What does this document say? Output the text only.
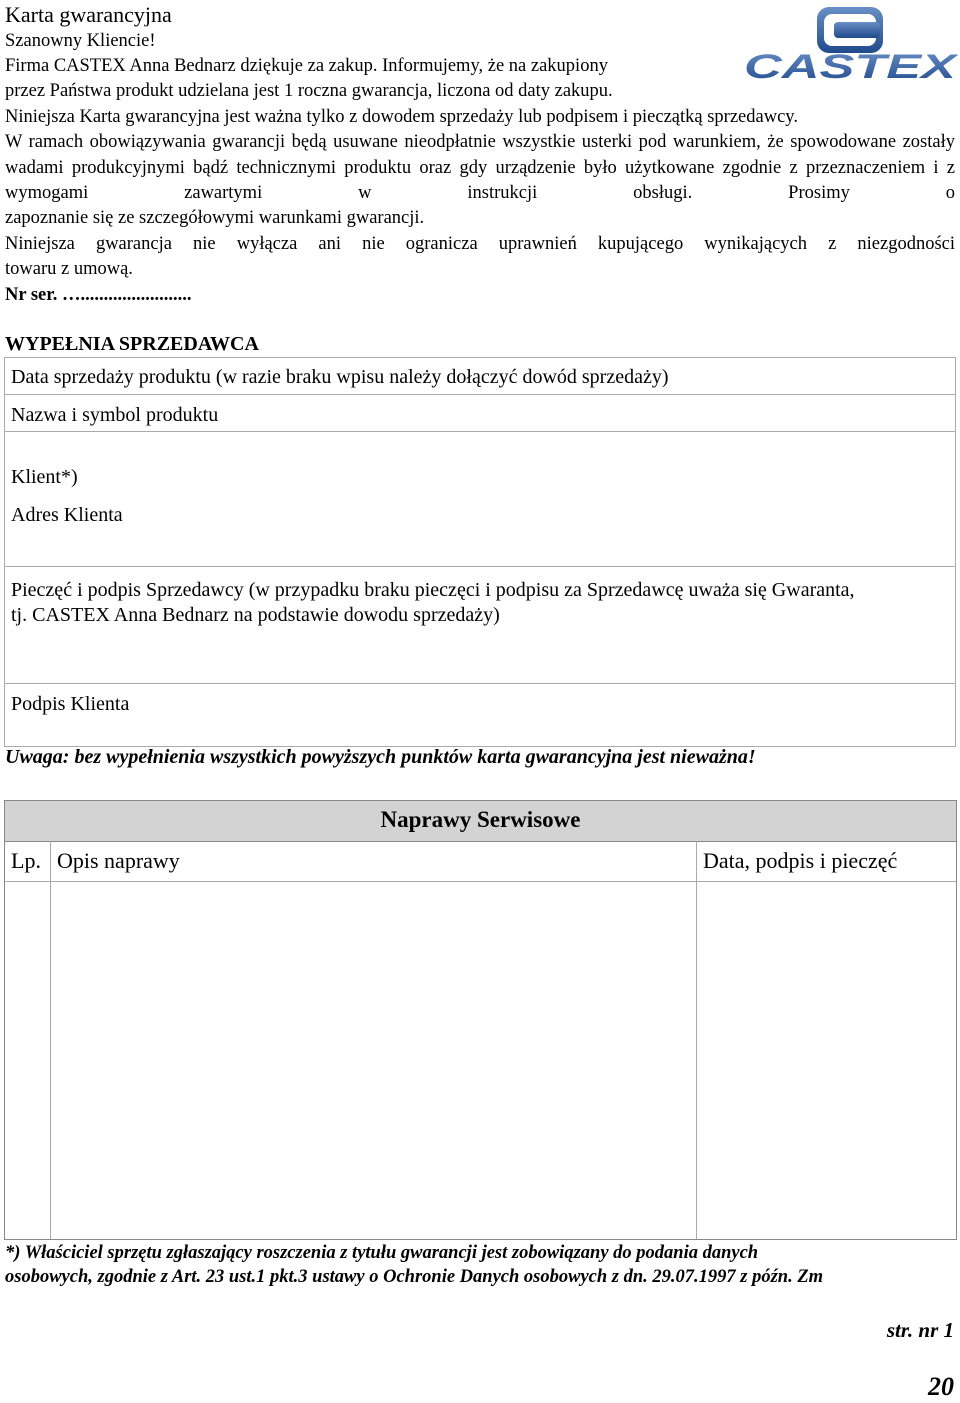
Karta gwarancyjna
Szanowny Kliencie!
Firma CASTEX Anna Bednarz dziękuje za zakup. Informujemy, że na zakupiony
przez Państwa produkt udzielana jest 1 roczna gwarancja, liczona od daty zakupu.
Niniejsza Karta gwarancyjna jest ważna tylko z dowodem sprzedaży lub podpisem i pieczątką sprzedawcy.
W ramach obowiązywania gwarancji będą usuwane nieodpłatnie wszystkie usterki pod warunkiem, że spowodowane zostały wadami produkcyjnymi bądź technicznymi produktu oraz gdy urządzenie było użytkowane zgodnie z przeznaczeniem i z wymogami zawartymi w instrukcji obsługi. Prosimy o
zapoznanie się ze szczegółowymi warunkami gwarancji.
Niniejsza gwarancja nie wyłącza ani nie ogranicza uprawnień kupującego wynikających z niezgodności
towaru z umową.
Nr ser. …........................
CASTEX
WYPEŁNIA SPRZEDAWCA
Data sprzedaży produktu (w razie braku wpisu należy dołączyć dowód sprzedaży)
Nazwa i symbol produktu
Klient*)
Adres Klienta
Pieczęć i podpis Sprzedawcy (w przypadku braku pieczęci i podpisu za Sprzedawcę uważa się Gwaranta,
tj. CASTEX Anna Bednarz na podstawie dowodu sprzedaży)
Podpis Klienta
Uwaga: bez wypełnienia wszystkich powyższych punktów karta gwarancyjna jest nieważna!
Naprawy Serwisowe
Lp. Opis naprawy	Data, podpis i pieczęć
*) Właściciel sprzętu zgłaszający roszczenia z tytułu gwarancji jest zobowiązany do podania danych
osobowych, zgodnie z Art. 23 ust.1 pkt.3 ustawy o Ochronie Danych osobowych z dn. 29.07.1997 z późn. Zm
str. nr 1
20
